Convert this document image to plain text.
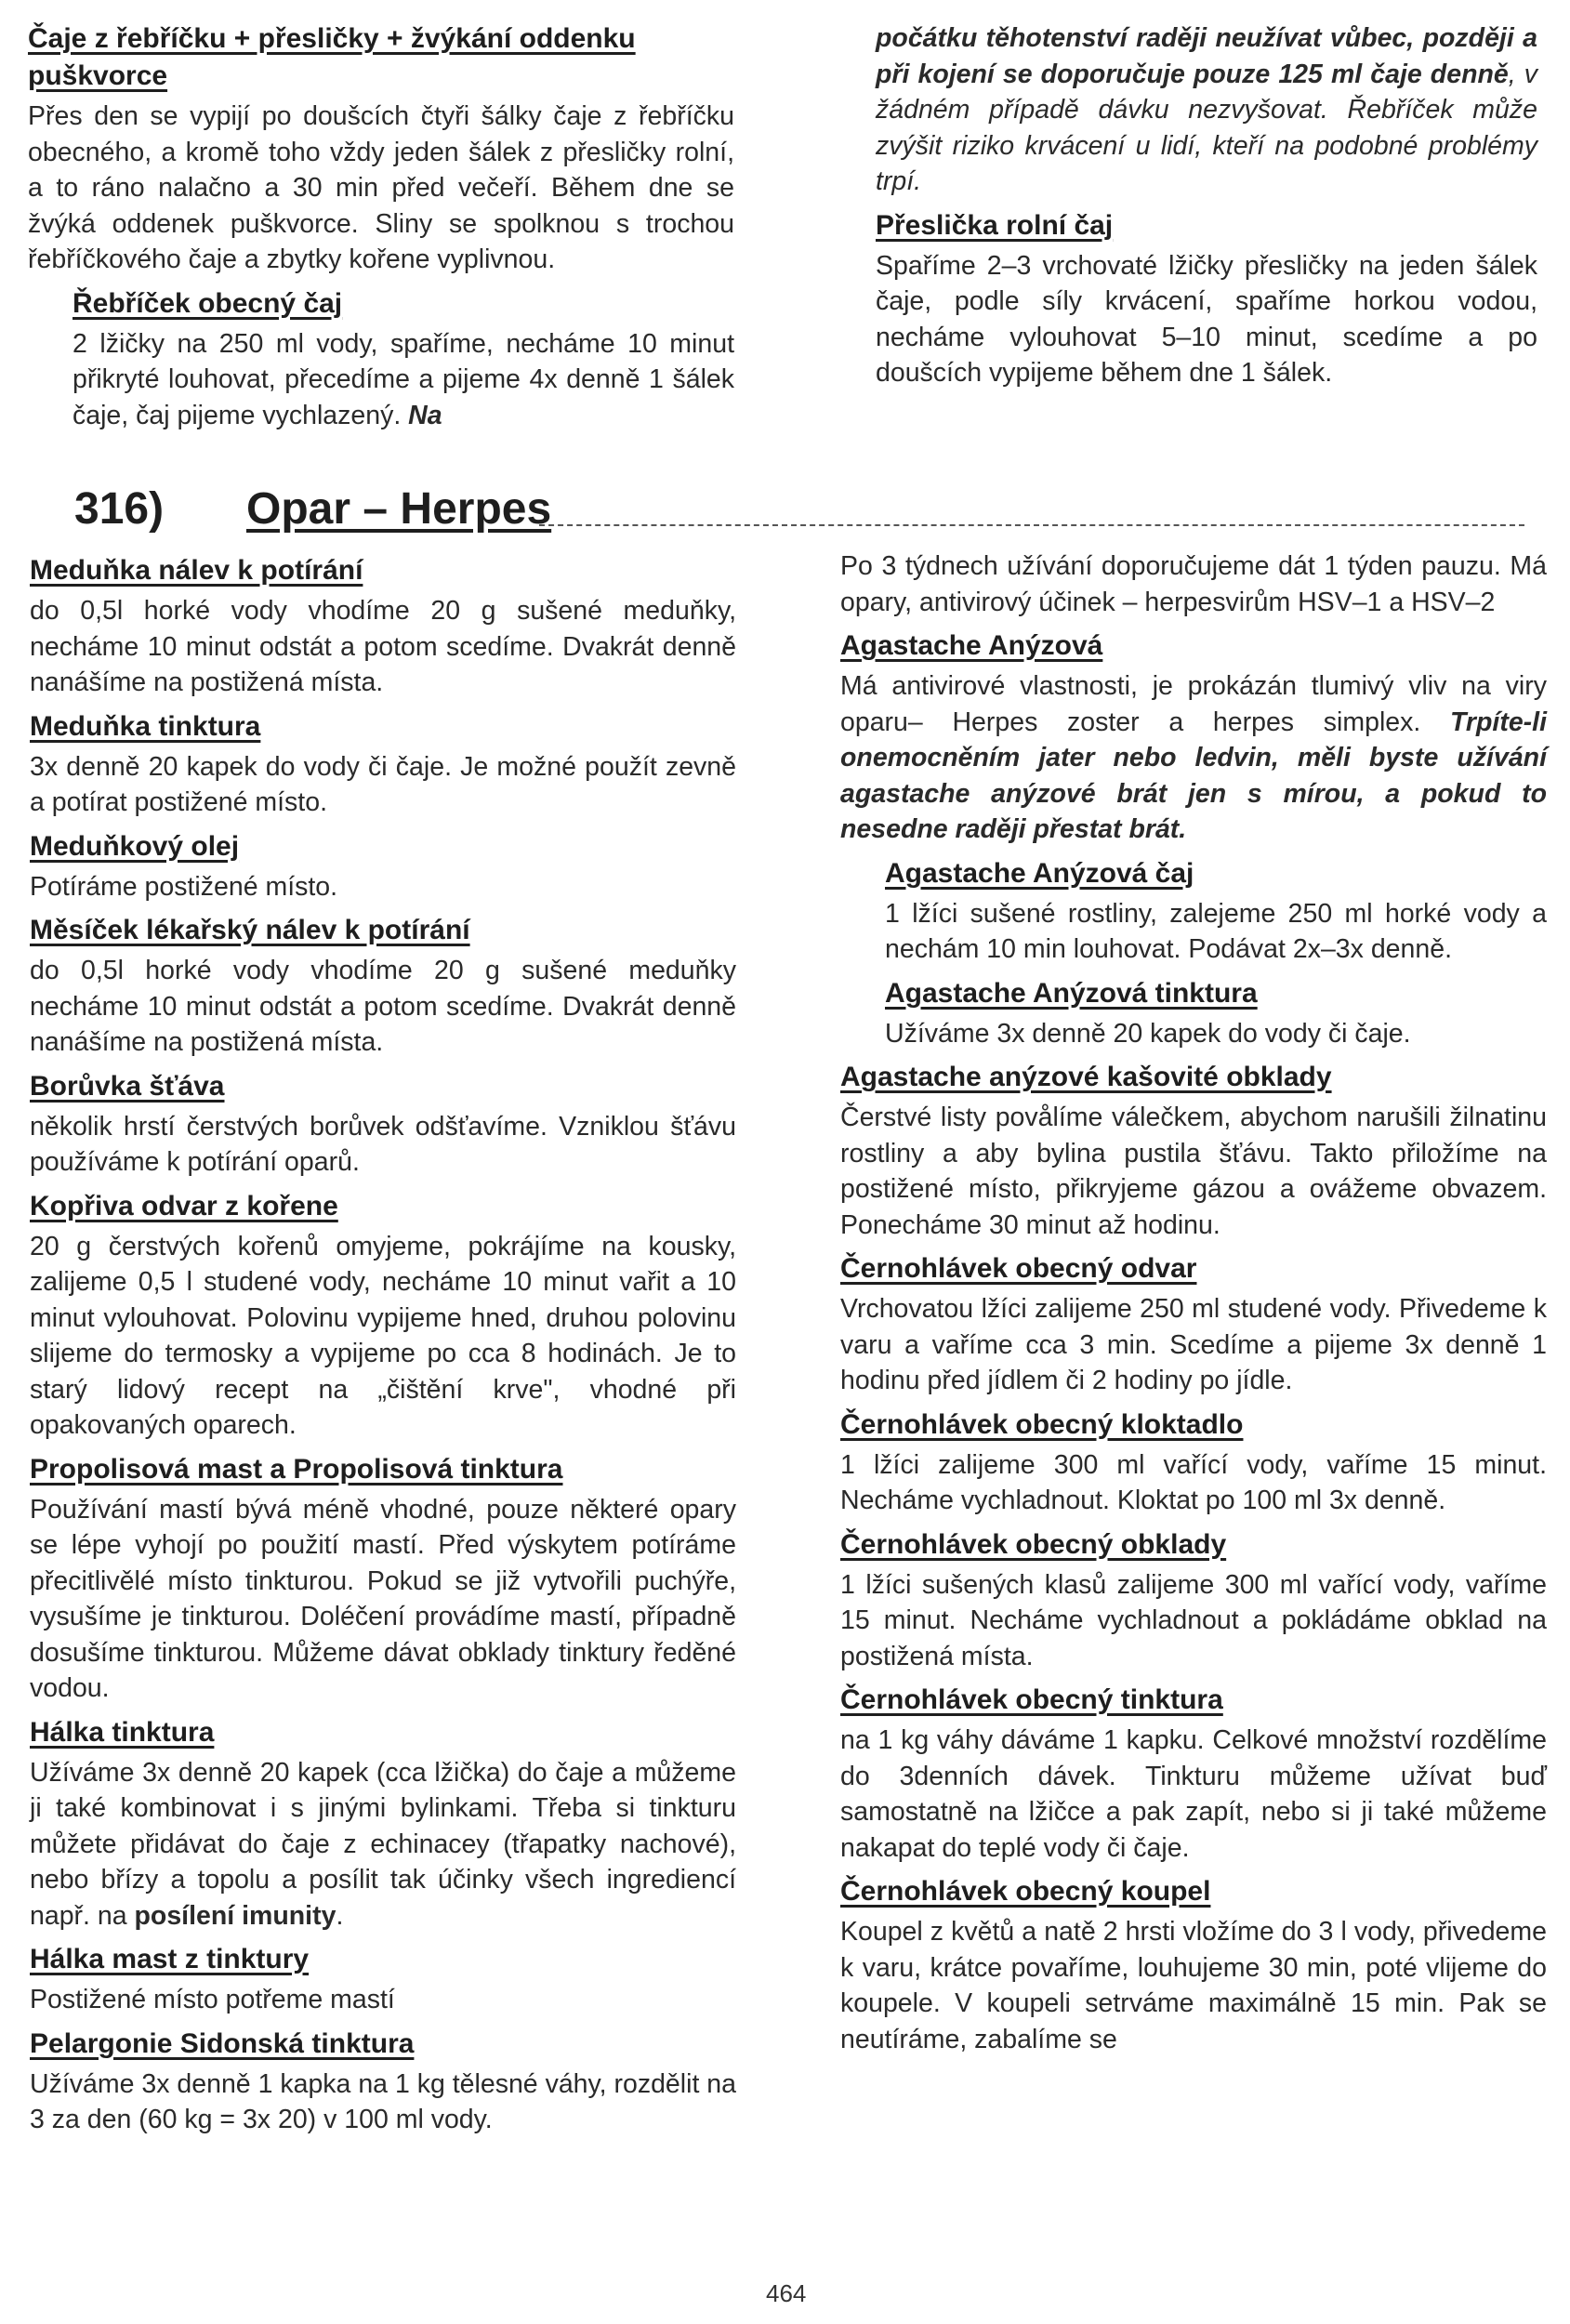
Čaje z řebříčku + přesličky + žvýkání oddenku puškvorce
Přes den se vypijí po doušcích čtyři šálky čaje z řebříčku obecného, a kromě toho vždy jeden šálek z přesličky rolní, a to ráno nalačno a 30 min před večeří. Během dne se žvýká oddenek puškvorce. Sliny se spolknou s trochou řebříčkového čaje a zbytky kořene vyplivnou.
Řebříček obecný čaj
2 lžičky na 250 ml vody, spaříme, necháme 10 minut přikryté louhovat, přecedíme a pijeme 4x denně 1 šálek čaje, čaj pijeme vychlazený. Na
počátku těhotenství raději neužívat vůbec, později a při kojení se doporučuje pouze 125 ml čaje denně, v žádném případě dávku nezvyšovat. Řebříček může zvýšit riziko krvácení u lidí, kteří na podobné problémy trpí.
Přeslička rolní čaj
Spaříme 2–3 vrchovaté lžičky přesličky na jeden šálek čaje, podle síly krvácení, spaříme horkou vodou, necháme vylouhovat 5–10 minut, scedíme a po doušcích vypijeme během dne 1 šálek.
316) Opar – Herpes
Meduňka nálev k potírání
do 0,5l horké vody vhodíme 20 g sušené meduňky, necháme 10 minut odstát a potom scedíme. Dvakrát denně nanášíme na postižená místa.
Meduňka tinktura
3x denně 20 kapek do vody či čaje. Je možné použít zevně a potírat postižené místo.
Meduňkový olej
Potíráme postižené místo.
Měsíček lékařský nálev k potírání
do 0,5l horké vody vhodíme 20 g sušené meduňky necháme 10 minut odstát a potom scedíme. Dvakrát denně nanášíme na postižená místa.
Borůvka šťáva
několik hrstí čerstvých borůvek odšťavíme. Vzniklou šťávu používáme k potírání oparů.
Kopřiva odvar z kořene
20 g čerstvých kořenů omyjeme, pokrájíme na kousky, zalijeme 0,5 l studené vody, necháme 10 minut vařit a 10 minut vylouhovat. Polovinu vypijeme hned, druhou polovinu slijeme do termosky a vypijeme po cca 8 hodinách. Je to starý lidový recept na „čištění krve", vhodné při opakovaných oparech.
Propolisová mast a Propolisová tinktura
Používání mastí bývá méně vhodné, pouze některé opary se lépe vyhojí po použití mastí. Před výskytem potíráme přecitlivělé místo tinkturou. Pokud se již vytvořili puchýře, vysušíme je tinkturou. Doléčení provádíme mastí, případně dosušíme tinkturou. Můžeme dávat obklady tinktury ředěné vodou.
Hálka tinktura
Užíváme 3x denně 20 kapek (cca lžička) do čaje a můžeme ji také kombinovat i s jinými bylinkami. Třeba si tinkturu můžete přidávat do čaje z echinacey (třapatky nachové), nebo břízy a topolu a posílit tak účinky všech ingrediencí např. na posílení imunity.
Hálka mast z tinktury
Postižené místo potřeme mastí
Pelargonie Sidonská tinktura
Užíváme 3x denně 1 kapka na 1 kg tělesné váhy, rozdělit na 3 za den (60 kg = 3x 20) v 100 ml vody.
Po 3 týdnech užívání doporučujeme dát 1 týden pauzu. Má opary, antivirový účinek – herpesvirům HSV–1 a HSV–2
Agastache Anýzová
Má antivirové vlastnosti, je prokázán tlumivý vliv na viry oparu– Herpes zoster a herpes simplex. Trpíte-li onemocněním jater nebo ledvin, měli byste užívání agastache anýzové brát jen s mírou, a pokud to nesedne raději přestat brát.
Agastache Anýzová čaj
1 lžíci sušené rostliny, zalejeme 250 ml horké vody a nechám 10 min louhovat. Podávat 2x–3x denně.
Agastache Anýzová tinktura
Užíváme 3x denně 20 kapek do vody či čaje.
Agastache anýzové kašovité obklady
Čerstvé listy povålíme válečkem, abychom narušili žilnatinu rostliny a aby bylina pustila šťávu. Takto přiložíme na postižené místo, přikryjeme gázou a ovážeme obvazem. Ponecháme 30 minut až hodinu.
Černohlávek obecný odvar
Vrchovatou lžíci zalijeme 250 ml studené vody. Přivedeme k varu a vaříme cca 3 min. Scedíme a pijeme 3x denně 1 hodinu před jídlem či 2 hodiny po jídle.
Černohlávek obecný kloktadlo
1 lžíci zalijeme 300 ml vařící vody, vaříme 15 minut. Necháme vychladnout. Kloktat po 100 ml 3x denně.
Černohlávek obecný obklady
1 lžíci sušených klasů zalijeme 300 ml vařící vody, vaříme 15 minut. Necháme vychladnout a pokládáme obklad na postižená místa.
Černohlávek obecný tinktura
na 1 kg váhy dáváme 1 kapku. Celkové množství rozdělíme do 3denních dávek. Tinkturu můžeme užívat buď samostatně na lžičce a pak zapít, nebo si ji také můžeme nakapat do teplé vody či čaje.
Černohlávek obecný koupel
Koupel z květů a natě 2 hrsti vložíme do 3 l vody, přivedeme k varu, krátce povaříme, louhujeme 30 min, poté vlijeme do koupele. V koupeli setrváme maximálně 15 min. Pak se neutíráme, zabalíme se
464
